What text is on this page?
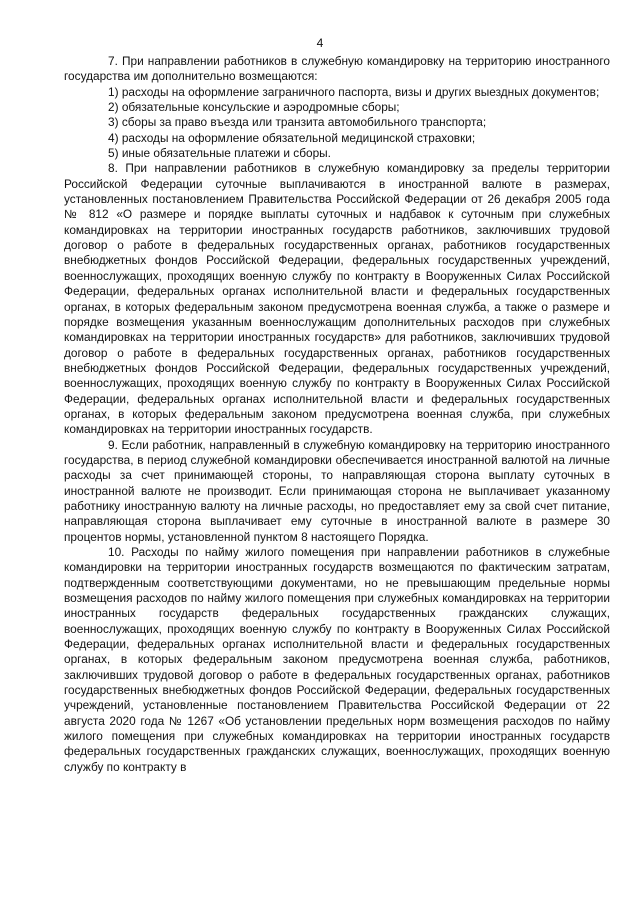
4

7. При направлении работников в служебную командировку на территорию иностранного государства им дополнительно возмещаются:

1) расходы на оформление заграничного паспорта, визы и других выездных документов;

2) обязательные консульские и аэродромные сборы;

3) сборы за право въезда или транзита автомобильного транспорта;

4) расходы на оформление обязательной медицинской страховки;

5) иные обязательные платежи и сборы.

8. При направлении работников в служебную командировку за пределы территории Российской Федерации суточные выплачиваются в иностранной валюте в размерах, установленных постановлением Правительства Российской Федерации от 26 декабря 2005 года № 812 «О размере и порядке выплаты суточных и надбавок к суточным при служебных командировках на территории иностранных государств работников, заключивших трудовой договор о работе в федеральных государственных органах, работников государственных внебюджетных фондов Российской Федерации, федеральных государственных учреждений, военнослужащих, проходящих военную службу по контракту в Вооруженных Силах Российской Федерации, федеральных органах исполнительной власти и федеральных государственных органах, в которых федеральным законом предусмотрена военная служба, а также о размере и порядке возмещения указанным военнослужащим дополнительных расходов при служебных командировках на территории иностранных государств» для работников, заключивших трудовой договор о работе в федеральных государственных органах, работников государственных внебюджетных фондов Российской Федерации, федеральных государственных учреждений, военнослужащих, проходящих военную службу по контракту в Вооруженных Силах Российской Федерации, федеральных органах исполнительной власти и федеральных государственных органах, в которых федеральным законом предусмотрена военная служба, при служебных командировках на территории иностранных государств.

9. Если работник, направленный в служебную командировку на территорию иностранного государства, в период служебной командировки обеспечивается иностранной валютой на личные расходы за счет принимающей стороны, то направляющая сторона выплату суточных в иностранной валюте не производит. Если принимающая сторона не выплачивает указанному работнику иностранную валюту на личные расходы, но предоставляет ему за свой счет питание, направляющая сторона выплачивает ему суточные в иностранной валюте в размере 30 процентов нормы, установленной пунктом 8 настоящего Порядка.

10. Расходы по найму жилого помещения при направлении работников в служебные командировки на территории иностранных государств возмещаются по фактическим затратам, подтвержденным соответствующими документами, но не превышающим предельные нормы возмещения расходов по найму жилого помещения при служебных командировках на территории иностранных государств федеральных государственных гражданских служащих, военнослужащих, проходящих военную службу по контракту в Вооруженных Силах Российской Федерации, федеральных органах исполнительной власти и федеральных государственных органах, в которых федеральным законом предусмотрена военная служба, работников, заключивших трудовой договор о работе в федеральных государственных органах, работников государственных внебюджетных фондов Российской Федерации, федеральных государственных учреждений, установленные постановлением Правительства Российской Федерации от 22 августа 2020 года № 1267 «Об установлении предельных норм возмещения расходов по найму жилого помещения при служебных командировках на территории иностранных государств федеральных государственных гражданских служащих, военнослужащих, проходящих военную службу по контракту в
